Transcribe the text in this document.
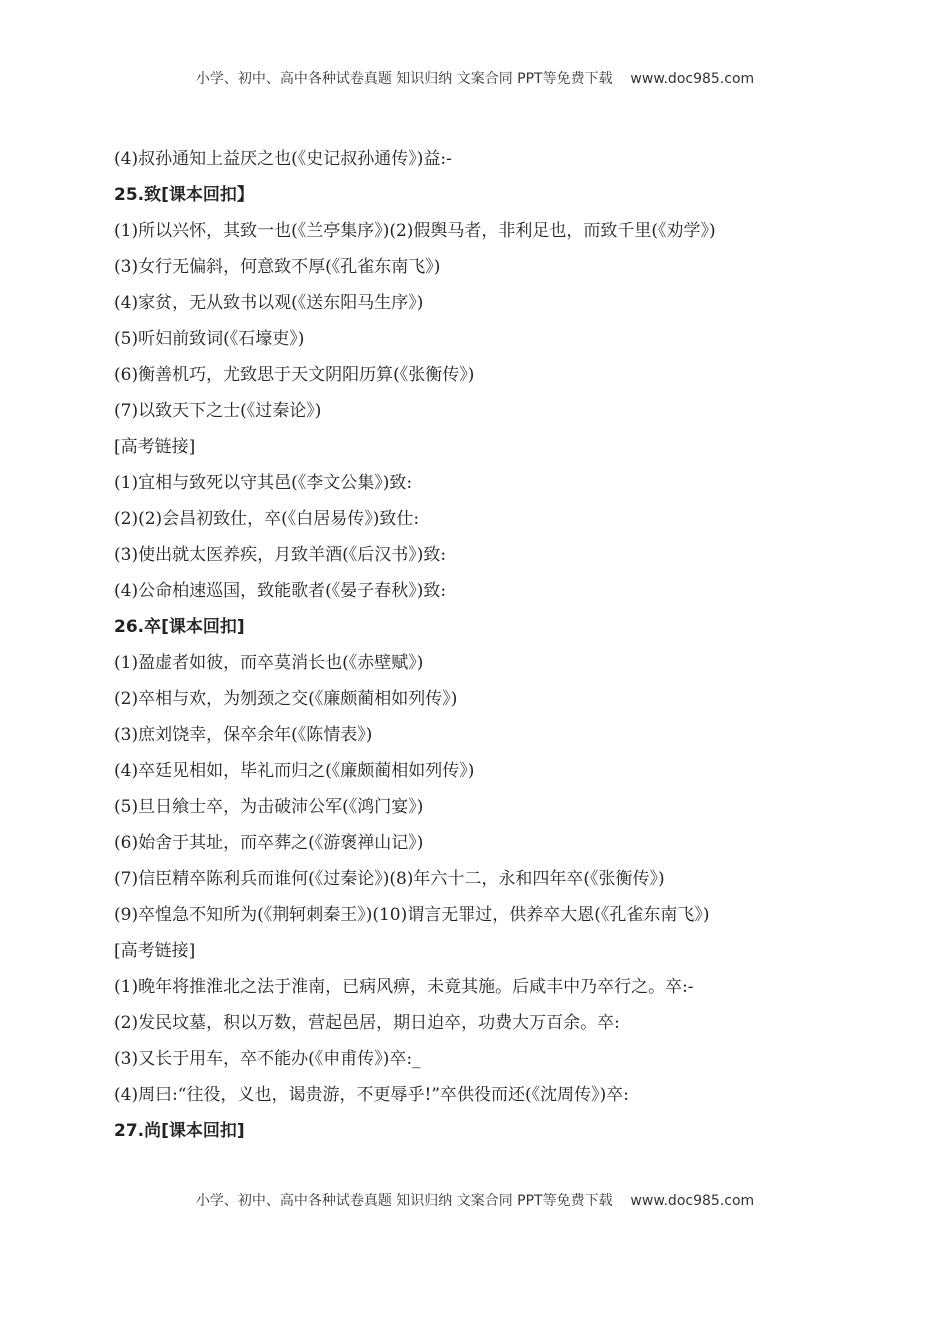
小学、初中、高中各种试卷真题 知识归纳 文案合同 PPT等免费下载    www.doc985.com
(4)叔孙通知上益厌之也(《史记叔孙通传》)益:-
25.致[课本回扣】
(1)所以兴怀，其致一也(《兰亭集序》)(2)假舆马者，非利足也，而致千里(《劝学》)
(3)女行无偏斜，何意致不厚(《孔雀东南飞》)
(4)家贫，无从致书以观(《送东阳马生序》)
(5)听妇前致词(《石壕吏》)
(6)衡善机巧，尤致思于天文阴阳历算(《张衡传》)
(7)以致天下之士(《过秦论》)
[高考链接]
(1)宜相与致死以守其邑(《李文公集》)致:
(2)(2)会昌初致仕，卒(《白居易传》)致仕:
(3)使出就太医养疾，月致羊酒(《后汉书》)致:
(4)公命柏速巡国，致能歌者(《晏子春秋》)致:
26.卒[课本回扣]
(1)盈虚者如彼，而卒莫消长也(《赤壁赋》)
(2)卒相与欢，为刎颈之交(《廉颇蔺相如列传》)
(3)庶刘饶幸，保卒余年(《陈情表》)
(4)卒廷见相如，毕礼而归之(《廉颇蔺相如列传》)
(5)旦日飨士卒，为击破沛公军(《鸿门宴》)
(6)始舍于其址，而卒葬之(《游褒禅山记》)
(7)信臣精卒陈利兵而谁何(《过秦论》)(8)年六十二，永和四年卒(《张衡传》)
(9)卒惶急不知所为(《荆轲刺秦王》)(10)谓言无罪过，供养卒大恩(《孔雀东南飞》)
[高考链接]
(1)晚年将推淮北之法于淮南，已病风痹，未竟其施。后咸丰中乃卒行之。卒:-
(2)发民坟墓，积以万数，营起邑居，期日迫卒，功费大万百余。卒:
(3)又长于用车，卒不能办(《申甫传》)卒:_
(4)周曰:“往役，义也，谒贵游，不更辱乎!”卒供役而还(《沈周传》)卒:
27.尚[课本回扣]
小学、初中、高中各种试卷真题 知识归纳 文案合同 PPT等免费下载    www.doc985.com
